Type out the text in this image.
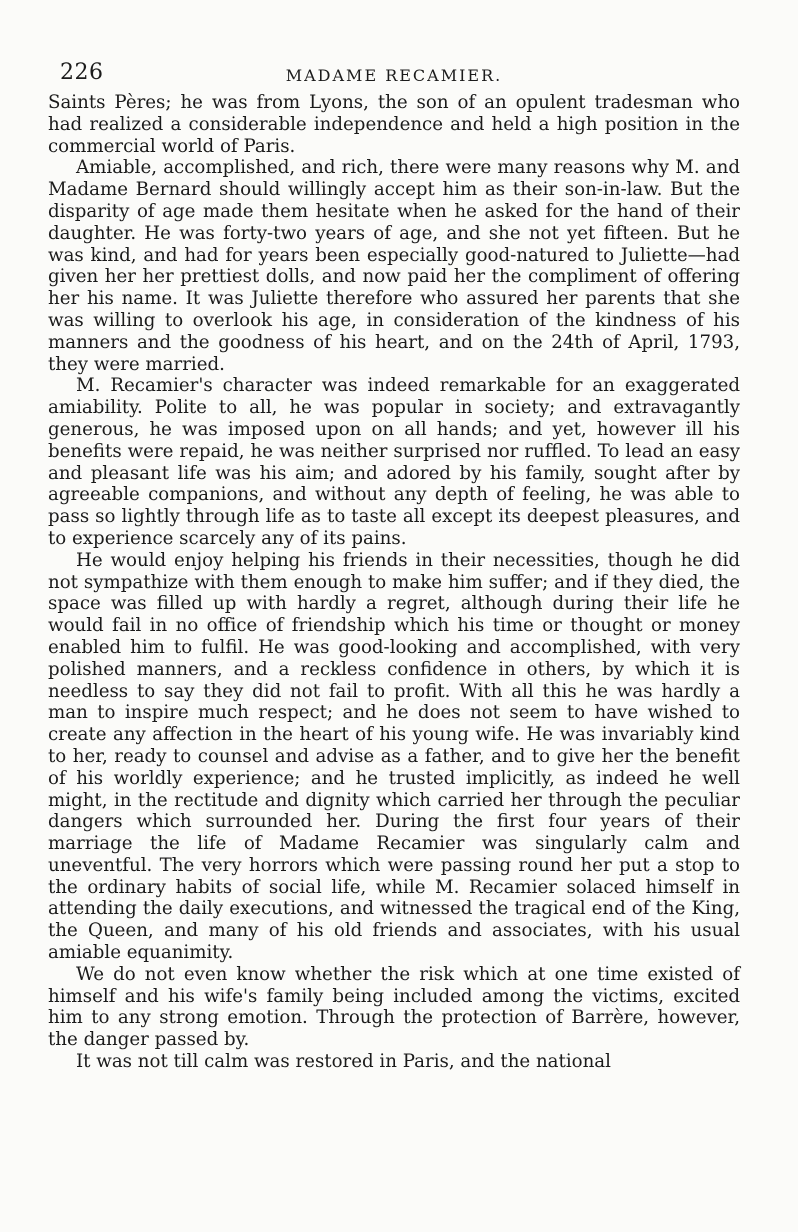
226	MADAME RECAMIER.

Saints Pères; he was from Lyons, the son of an opulent tradesman who had realized a considerable independence and held a high position in the commercial world of Paris.

Amiable, accomplished, and rich, there were many reasons why M. and Madame Bernard should willingly accept him as their son-in-law. But the disparity of age made them hesitate when he asked for the hand of their daughter. He was forty-two years of age, and she not yet fifteen. But he was kind, and had for years been especially good-natured to Juliette—had given her her prettiest dolls, and now paid her the compliment of offering her his name. It was Juliette therefore who assured her parents that she was willing to overlook his age, in consideration of the kindness of his manners and the goodness of his heart, and on the 24th of April, 1793, they were married.

M. Recamier's character was indeed remarkable for an exaggerated amiability. Polite to all, he was popular in society; and extravagantly generous, he was imposed upon on all hands; and yet, however ill his benefits were repaid, he was neither surprised nor ruffled. To lead an easy and pleasant life was his aim; and adored by his family, sought after by agreeable companions, and without any depth of feeling, he was able to pass so lightly through life as to taste all except its deepest pleasures, and to experience scarcely any of its pains.

He would enjoy helping his friends in their necessities, though he did not sympathize with them enough to make him suffer; and if they died, the space was filled up with hardly a regret, although during their life he would fail in no office of friendship which his time or thought or money enabled him to fulfil. He was good-looking and accomplished, with very polished manners, and a reckless confidence in others, by which it is needless to say they did not fail to profit. With all this he was hardly a man to inspire much respect; and he does not seem to have wished to create any affection in the heart of his young wife. He was invariably kind to her, ready to counsel and advise as a father, and to give her the benefit of his worldly experience; and he trusted implicitly, as indeed he well might, in the rectitude and dignity which carried her through the peculiar dangers which surrounded her. During the first four years of their marriage the life of Madame Recamier was singularly calm and uneventful. The very horrors which were passing round her put a stop to the ordinary habits of social life, while M. Recamier solaced himself in attending the daily executions, and witnessed the tragical end of the King, the Queen, and many of his old friends and associates, with his usual amiable equanimity.

We do not even know whether the risk which at one time existed of himself and his wife's family being included among the victims, excited him to any strong emotion. Through the protection of Barrère, however, the danger passed by.

It was not till calm was restored in Paris, and the national
